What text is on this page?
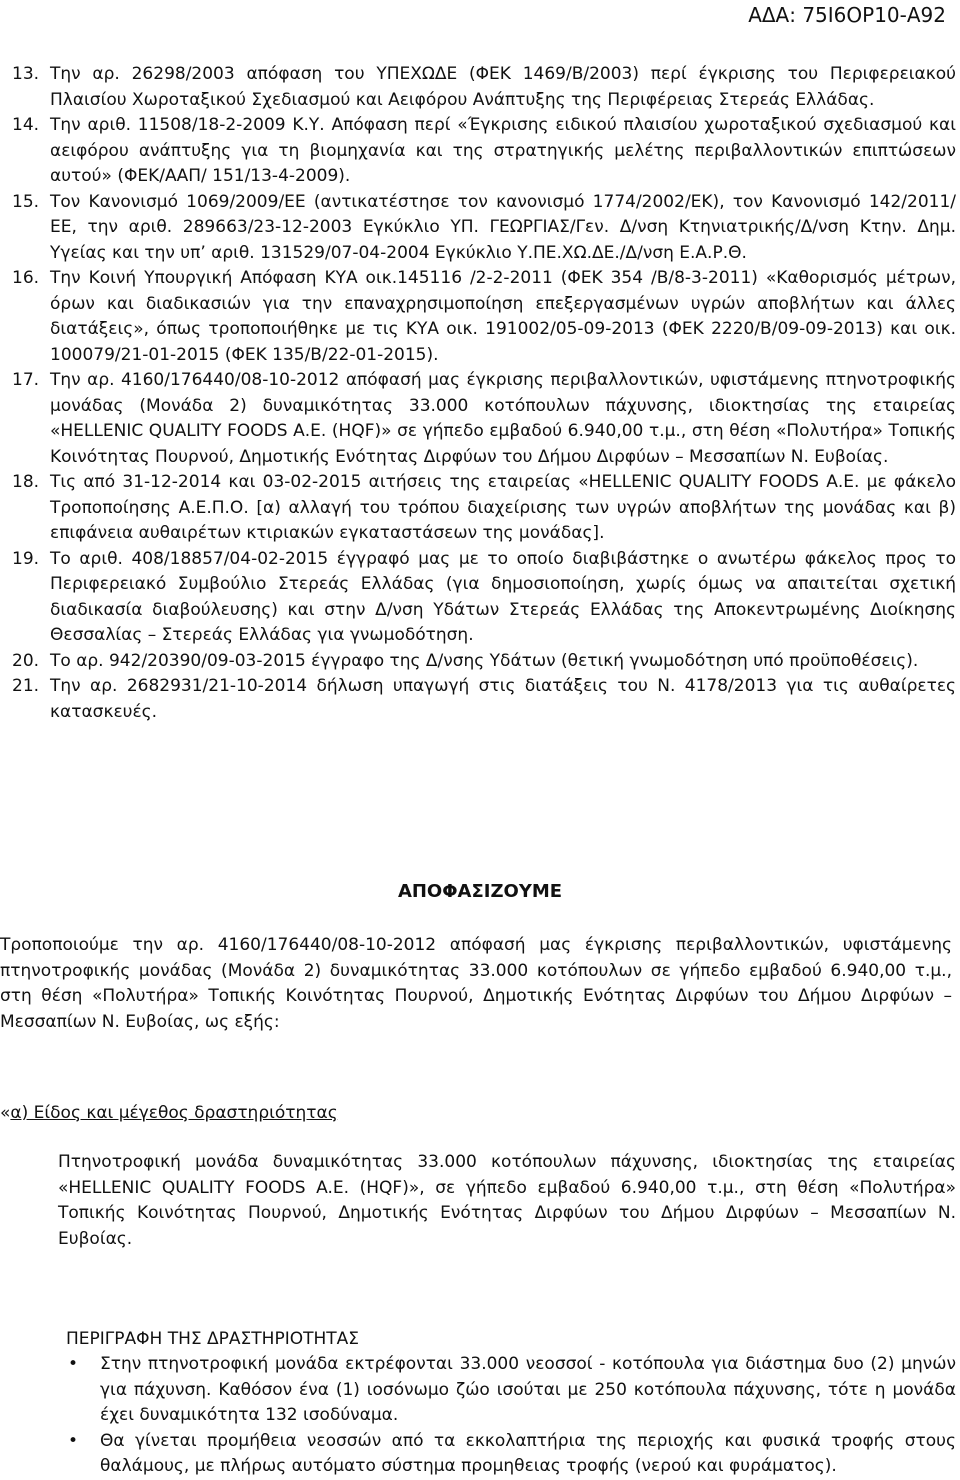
ΑΔΑ: 75Ι6ΟΡ10-Α92
13. Την αρ. 26298/2003 απόφαση του ΥΠΕΧΩΔΕ (ΦΕΚ 1469/Β/2003) περί έγκρισης του Περιφερειακού Πλαισίου Χωροταξικού Σχεδιασμού και Αειφόρου Ανάπτυξης της Περιφέρειας Στερεάς Ελλάδας.
14. Την αριθ. 11508/18-2-2009 Κ.Υ. Απόφαση περί «Έγκρισης ειδικού πλαισίου χωροταξικού σχεδιασμού και αειφόρου ανάπτυξης για τη βιομηχανία και της στρατηγικής μελέτης περιβαλλοντικών επιπτώσεων αυτού» (ΦΕΚ/ΑΑΠ/ 151/13-4-2009).
15. Τον Κανονισμό 1069/2009/ΕΕ (αντικατέστησε τον κανονισμό 1774/2002/ΕΚ), τον Κανονισμό 142/2011/ΕΕ, την αριθ. 289663/23-12-2003 Εγκύκλιο ΥΠ. ΓΕΩΡΓΙΑΣ/Γεν. Δ/νση Κτηνιατρικής/Δ/νση Κτην. Δημ. Υγείας και την υπ’ αριθ. 131529/07-04-2004 Εγκύκλιο Υ.ΠΕ.ΧΩ.ΔΕ./Δ/νση Ε.Α.Ρ.Θ.
16. Την Κοινή Υπουργική Απόφαση ΚΥΑ οικ.145116 /2-2-2011 (ΦΕΚ 354 /Β/8-3-2011) «Καθορισμός μέτρων, όρων και διαδικασιών για την επαναχρησιμοποίηση επεξεργασμένων υγρών αποβλήτων και άλλες διατάξεις», όπως τροποποιήθηκε με τις ΚΥΑ οικ. 191002/05-09-2013 (ΦΕΚ 2220/Β/09-09-2013) και οικ. 100079/21-01-2015 (ΦΕΚ 135/Β/22-01-2015).
17. Την αρ. 4160/176440/08-10-2012 απόφασή μας έγκρισης περιβαλλοντικών, υφιστάμενης πτηνοτροφικής μονάδας (Μονάδα 2) δυναμικότητας 33.000 κοτόπουλων πάχυνσης, ιδιοκτησίας της εταιρείας «HELLENIC QUALITY FOODS Α.Ε. (HQF)» σε γήπεδο εμβαδού 6.940,00 τ.μ., στη θέση «Πολυτήρα» Τοπικής Κοινότητας Πουρνού, Δημοτικής Ενότητας Διρφύων του Δήμου Διρφύων – Μεσσαπίων Ν. Ευβοίας.
18. Τις από 31-12-2014 και 03-02-2015 αιτήσεις της εταιρείας «HELLENIC QUALITY FOODS Α.Ε. με φάκελο Τροποποίησης Α.Ε.Π.Ο. [α) αλλαγή του τρόπου διαχείρισης των υγρών αποβλήτων της μονάδας και β) επιφάνεια αυθαιρέτων κτιριακών εγκαταστάσεων της μονάδας].
19. Το αριθ. 408/18857/04-02-2015 έγγραφό μας με το οποίο διαβιβάστηκε ο ανωτέρω φάκελος προς το Περιφερειακό Συμβούλιο Στερεάς Ελλάδας (για δημοσιοποίηση, χωρίς όμως να απαιτείται σχετική διαδικασία διαβούλευσης) και στην Δ/νση Υδάτων Στερεάς Ελλάδας της Αποκεντρωμένης Διοίκησης Θεσσαλίας – Στερεάς Ελλάδας για γνωμοδότηση.
20. Το αρ. 942/20390/09-03-2015 έγγραφο της Δ/νσης Υδάτων (θετική γνωμοδότηση υπό προϋποθέσεις).
21. Την αρ. 2682931/21-10-2014 δήλωση υπαγωγή στις διατάξεις του Ν. 4178/2013 για τις αυθαίρετες κατασκευές.
ΑΠΟΦΑΣΙΖΟΥΜΕ
Τροποποιούμε την αρ. 4160/176440/08-10-2012 απόφασή μας έγκρισης περιβαλλοντικών, υφιστάμενης πτηνοτροφικής μονάδας (Μονάδα 2) δυναμικότητας 33.000 κοτόπουλων σε γήπεδο εμβαδού 6.940,00 τ.μ., στη θέση «Πολυτήρα» Τοπικής Κοινότητας Πουρνού, Δημοτικής Ενότητας Διρφύων του Δήμου Διρφύων – Μεσσαπίων Ν. Ευβοίας, ως εξής:
«α) Είδος και μέγεθος δραστηριότητας
Πτηνοτροφική μονάδα δυναμικότητας 33.000 κοτόπουλων πάχυνσης, ιδιοκτησίας της εταιρείας «HELLENIC QUALITY FOODS A.E. (HQF)», σε γήπεδο εμβαδού 6.940,00 τ.μ., στη θέση «Πολυτήρα» Τοπικής Κοινότητας Πουρνού, Δημοτικής Ενότητας Διρφύων του Δήμου Διρφύων – Μεσσαπίων Ν. Ευβοίας.
ΠΕΡΙΓΡΑΦΗ ΤΗΣ ΔΡΑΣΤΗΡΙΟΤΗΤΑΣ
• Στην πτηνοτροφική μονάδα εκτρέφονται 33.000 νεοσσοί - κοτόπουλα για διάστημα δυο (2) μηνών για πάχυνση. Καθόσον ένα (1) ιοσόνωμο ζώο ισούται με 250 κοτόπουλα πάχυνσης, τότε η μονάδα έχει δυναμικότητα 132 ισοδύναμα.
• Θα γίνεται προμήθεια νεοσσών από τα εκκολαπτήρια της περιοχής και φυσικά τροφής στους θαλάμους, με πλήρως αυτόματο σύστημα προμηθειας τροφής (νερού και φυράματος).
